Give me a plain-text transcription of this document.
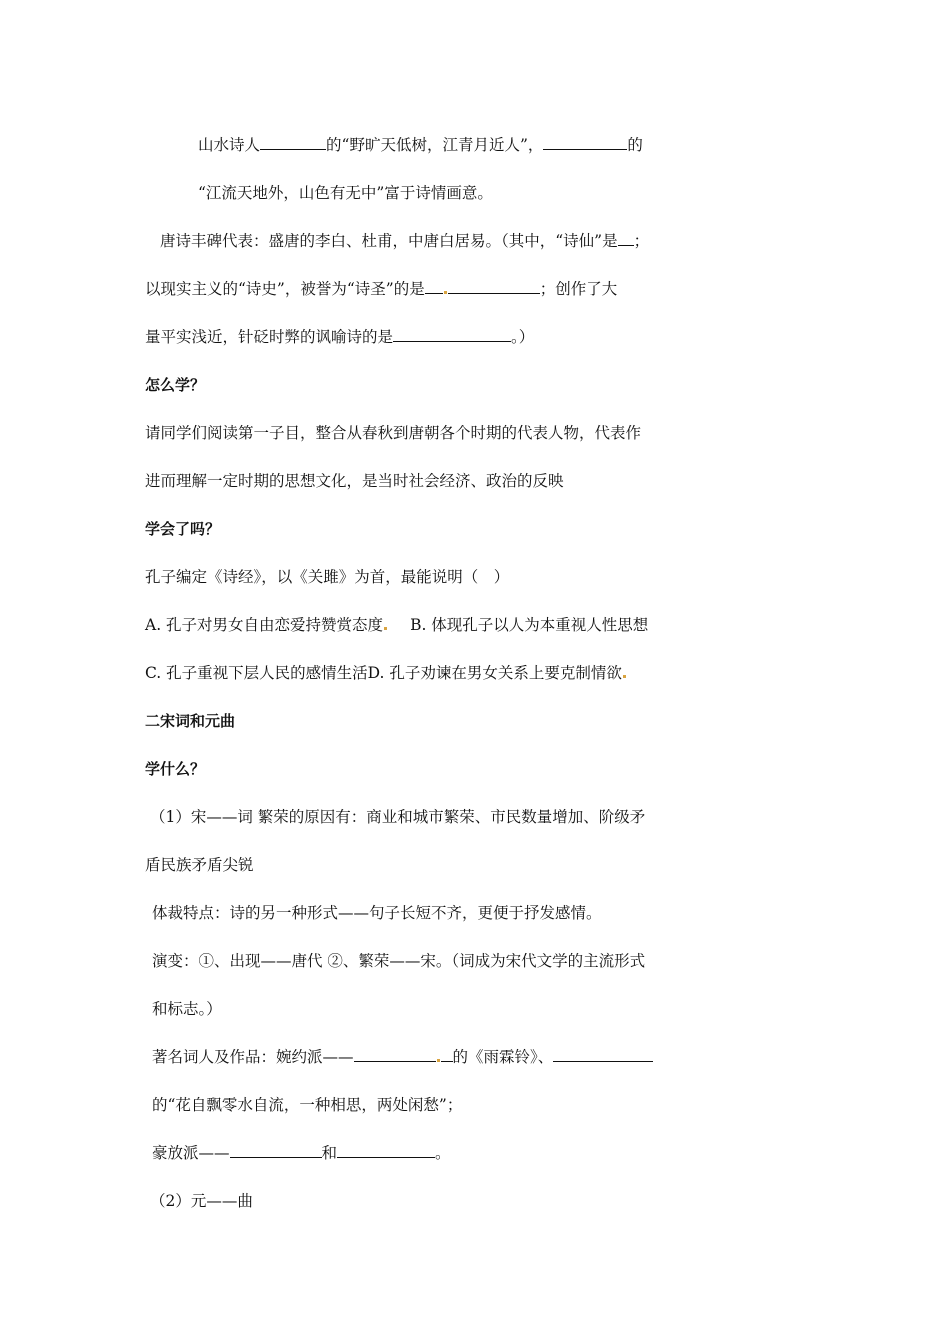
山水诗人	的“野旷天低树，江青月近人”，	的
“江流天地外，山色有无中”富于诗情画意。
唐诗丰碑代表：盛唐的李白、杜甫，中唐白居易。（其中，“诗仙”是 ；
以现实主义的“诗史”，被誉为“诗圣”的是	；创作了大
量平实浅近，针砭时弊的讽喻诗的是	。）
怎么学？
请同学们阅读第一子目，整合从春秋到唐朝各个时期的代表人物，代表作
进而理解一定时期的思想文化，是当时社会经济、政治的反映
学会了吗？
孔子编定《诗经》，以《关雎》为首，最能说明（　）
A. 孔子对男女自由恋爱持赞赏态度 B. 体现孔子以人为本重视人性思想
C. 孔子重视下层人民的感情生活D. 孔子劝谏在男女关系上要克制情欲
二宋词和元曲
学什么？
（1）宋——词 繁荣的原因有：商业和城市繁荣、市民数量增加、阶级矛
盾民族矛盾尖锐
体裁特点：诗的另一种形式——句子长短不齐，更便于抒发感情。
演变：①、出现——唐代 ②、繁荣——宋。（词成为宋代文学的主流形式
和标志。）
著名词人及作品：婉约派——	的《雨霖铃》、
的“花自飘零水自流，一种相思，两处闲愁”；
豪放派——	和	。
（2）元——曲
